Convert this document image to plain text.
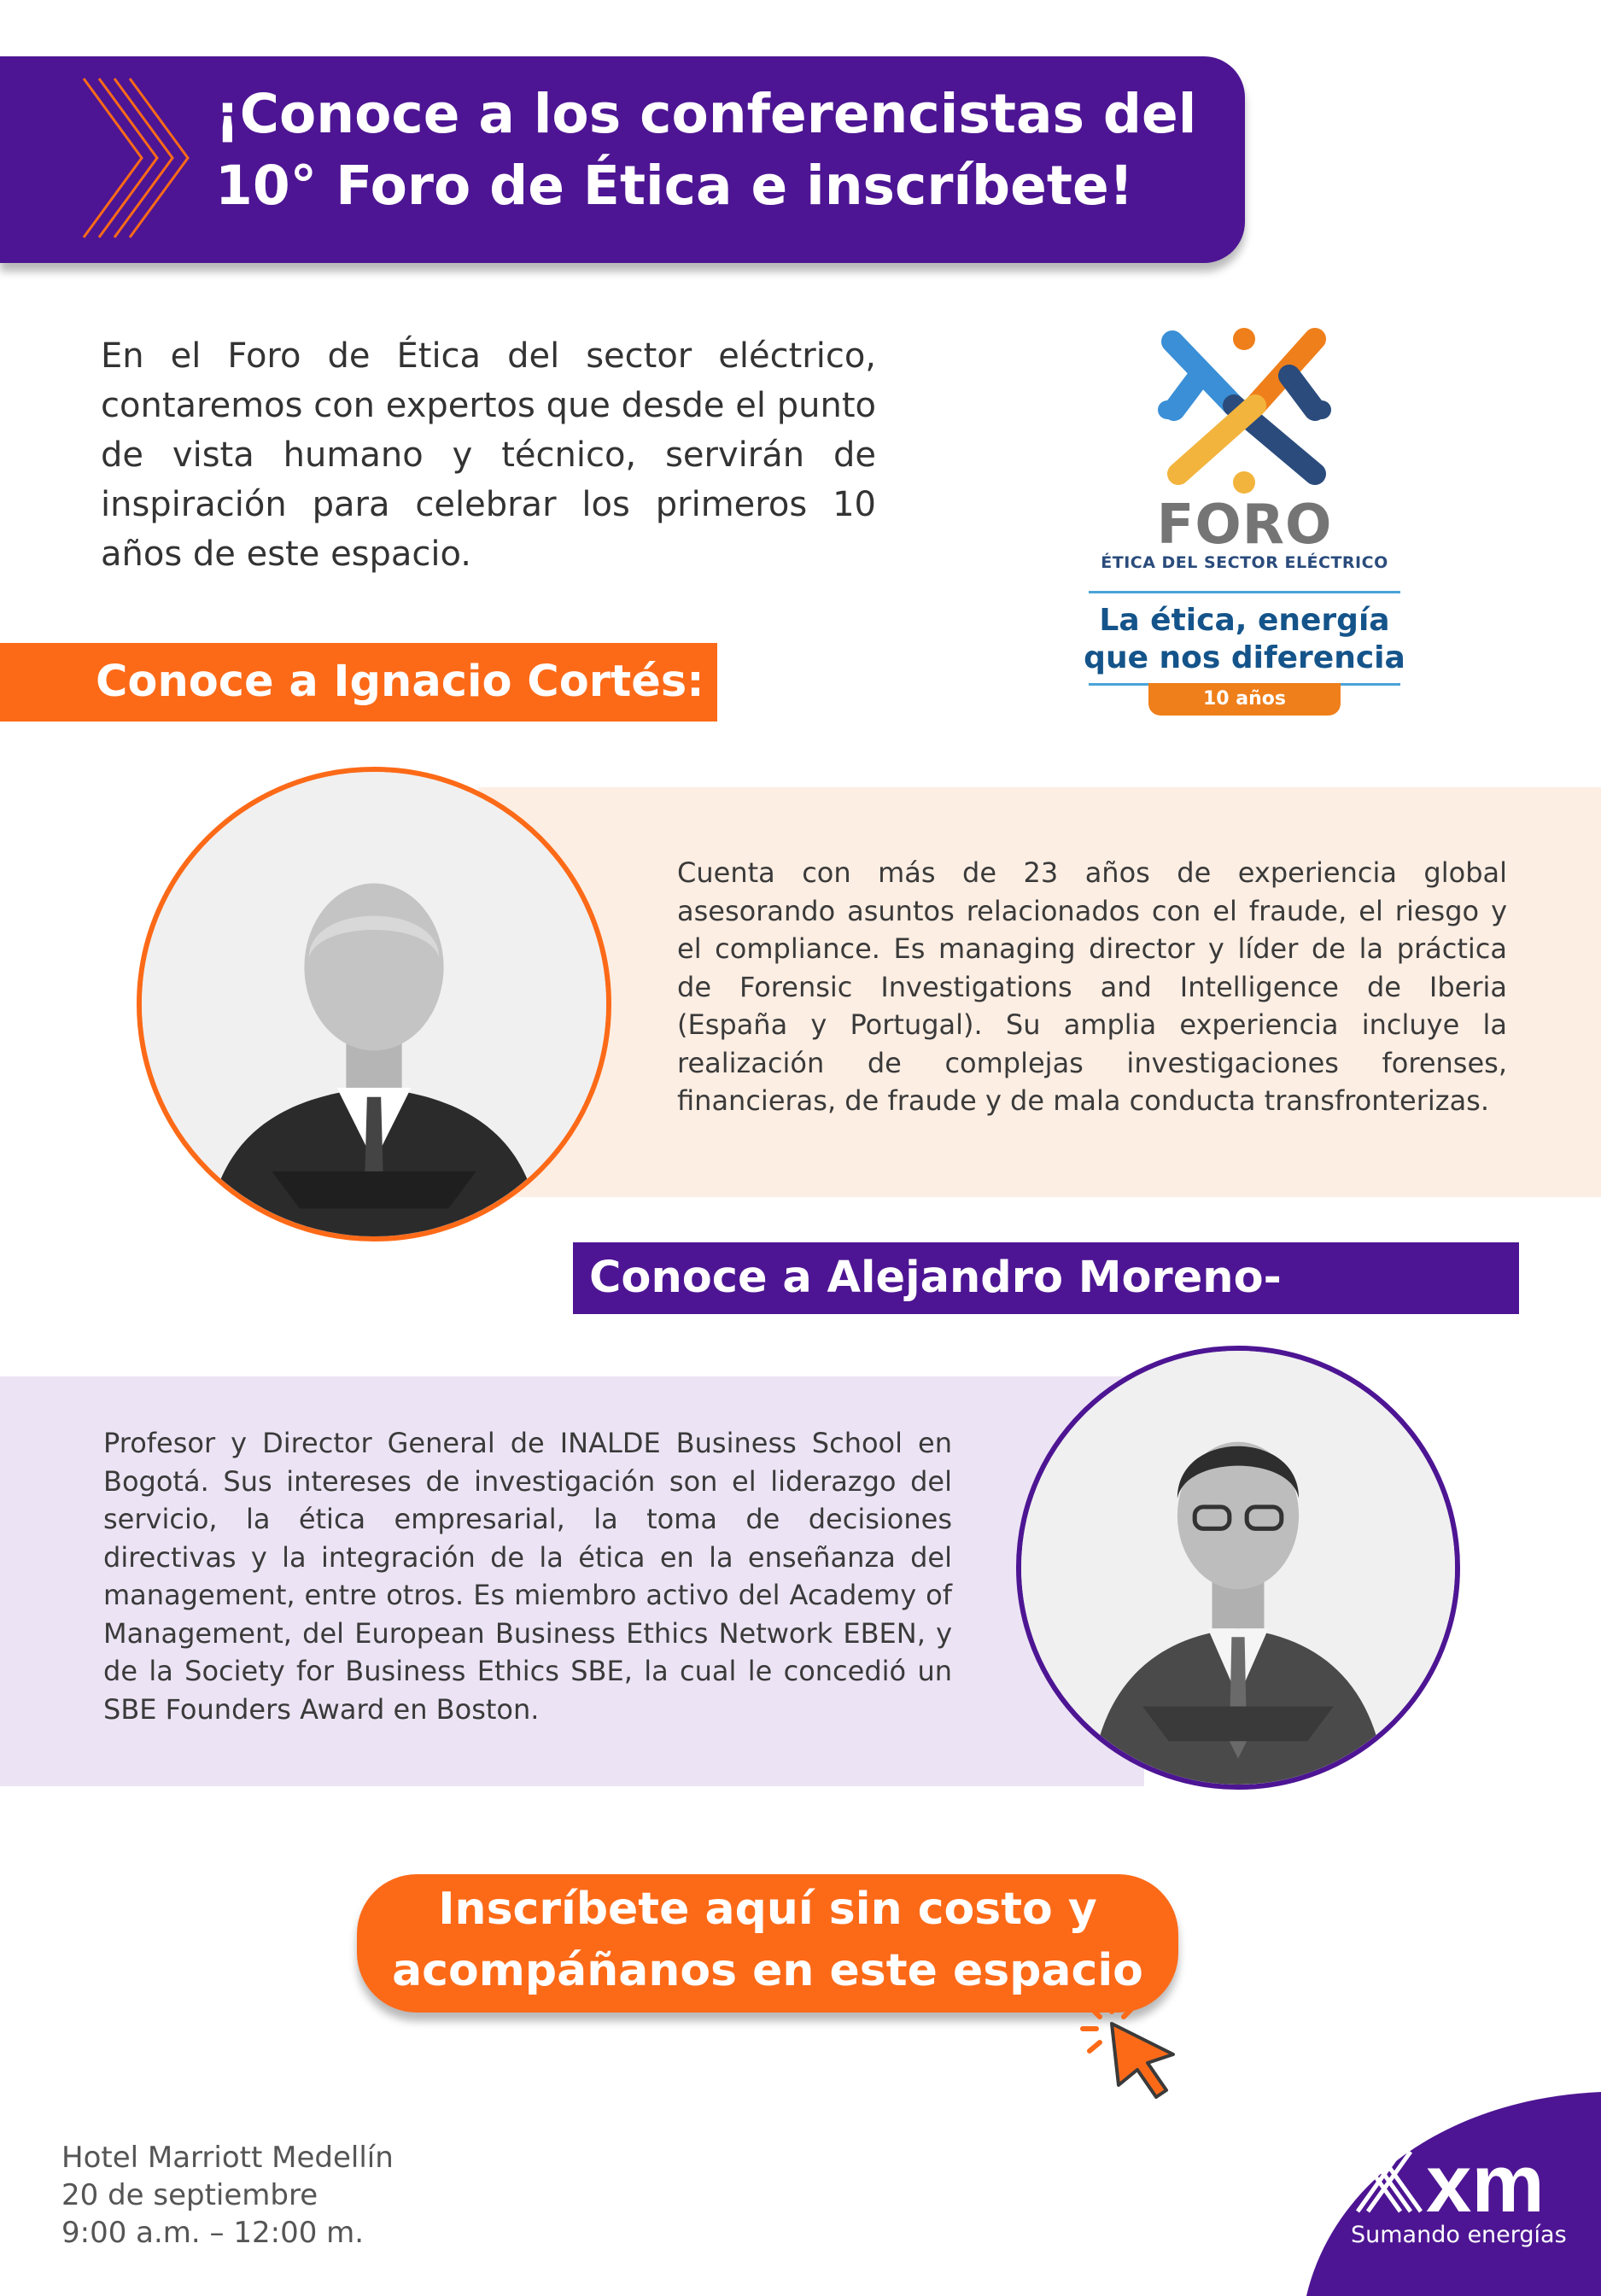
¡Conoce a los conferencistas del
10° Foro de Ética e inscríbete!
En el Foro de Ética del sector eléctrico, contaremos con expertos que desde el punto de vista humano y técnico, servirán de inspiración para celebrar los primeros 10 años de este espacio.	FORO
ÉTICA DEL SECTOR ELÉCTRICO
La ética, energía
que nos diferencia
10 años
Conoce a Ignacio Cortés:
Cuenta con más de 23 años de experiencia global asesorando asuntos relacionados con el fraude, el riesgo y el compliance. Es managing director y líder de la práctica de Forensic Investigations and Intelligence de Iberia (España y Portugal). Su amplia experiencia incluye la realización de complejas investigaciones forenses, financieras, de fraude y de mala conducta transfronterizas.
Conoce a Alejandro Moreno-Salamanca:
Profesor y Director General de INALDE Business School en Bogotá. Sus intereses de investigación son el liderazgo del servicio, la ética empresarial, la toma de decisiones directivas y la integración de la ética en la enseñanza del management, entre otros. Es miembro activo del Academy of Management, del European Business Ethics Network EBEN, y de la Society for Business Ethics SBE, la cual le concedió un SBE Founders Award en Boston.
Inscríbete aquí sin costo y
acompáñanos en este espacio
Hotel Marriott Medellín
20 de septiembre
9:00 a.m. – 12:00 m.
xm
Sumando energías
